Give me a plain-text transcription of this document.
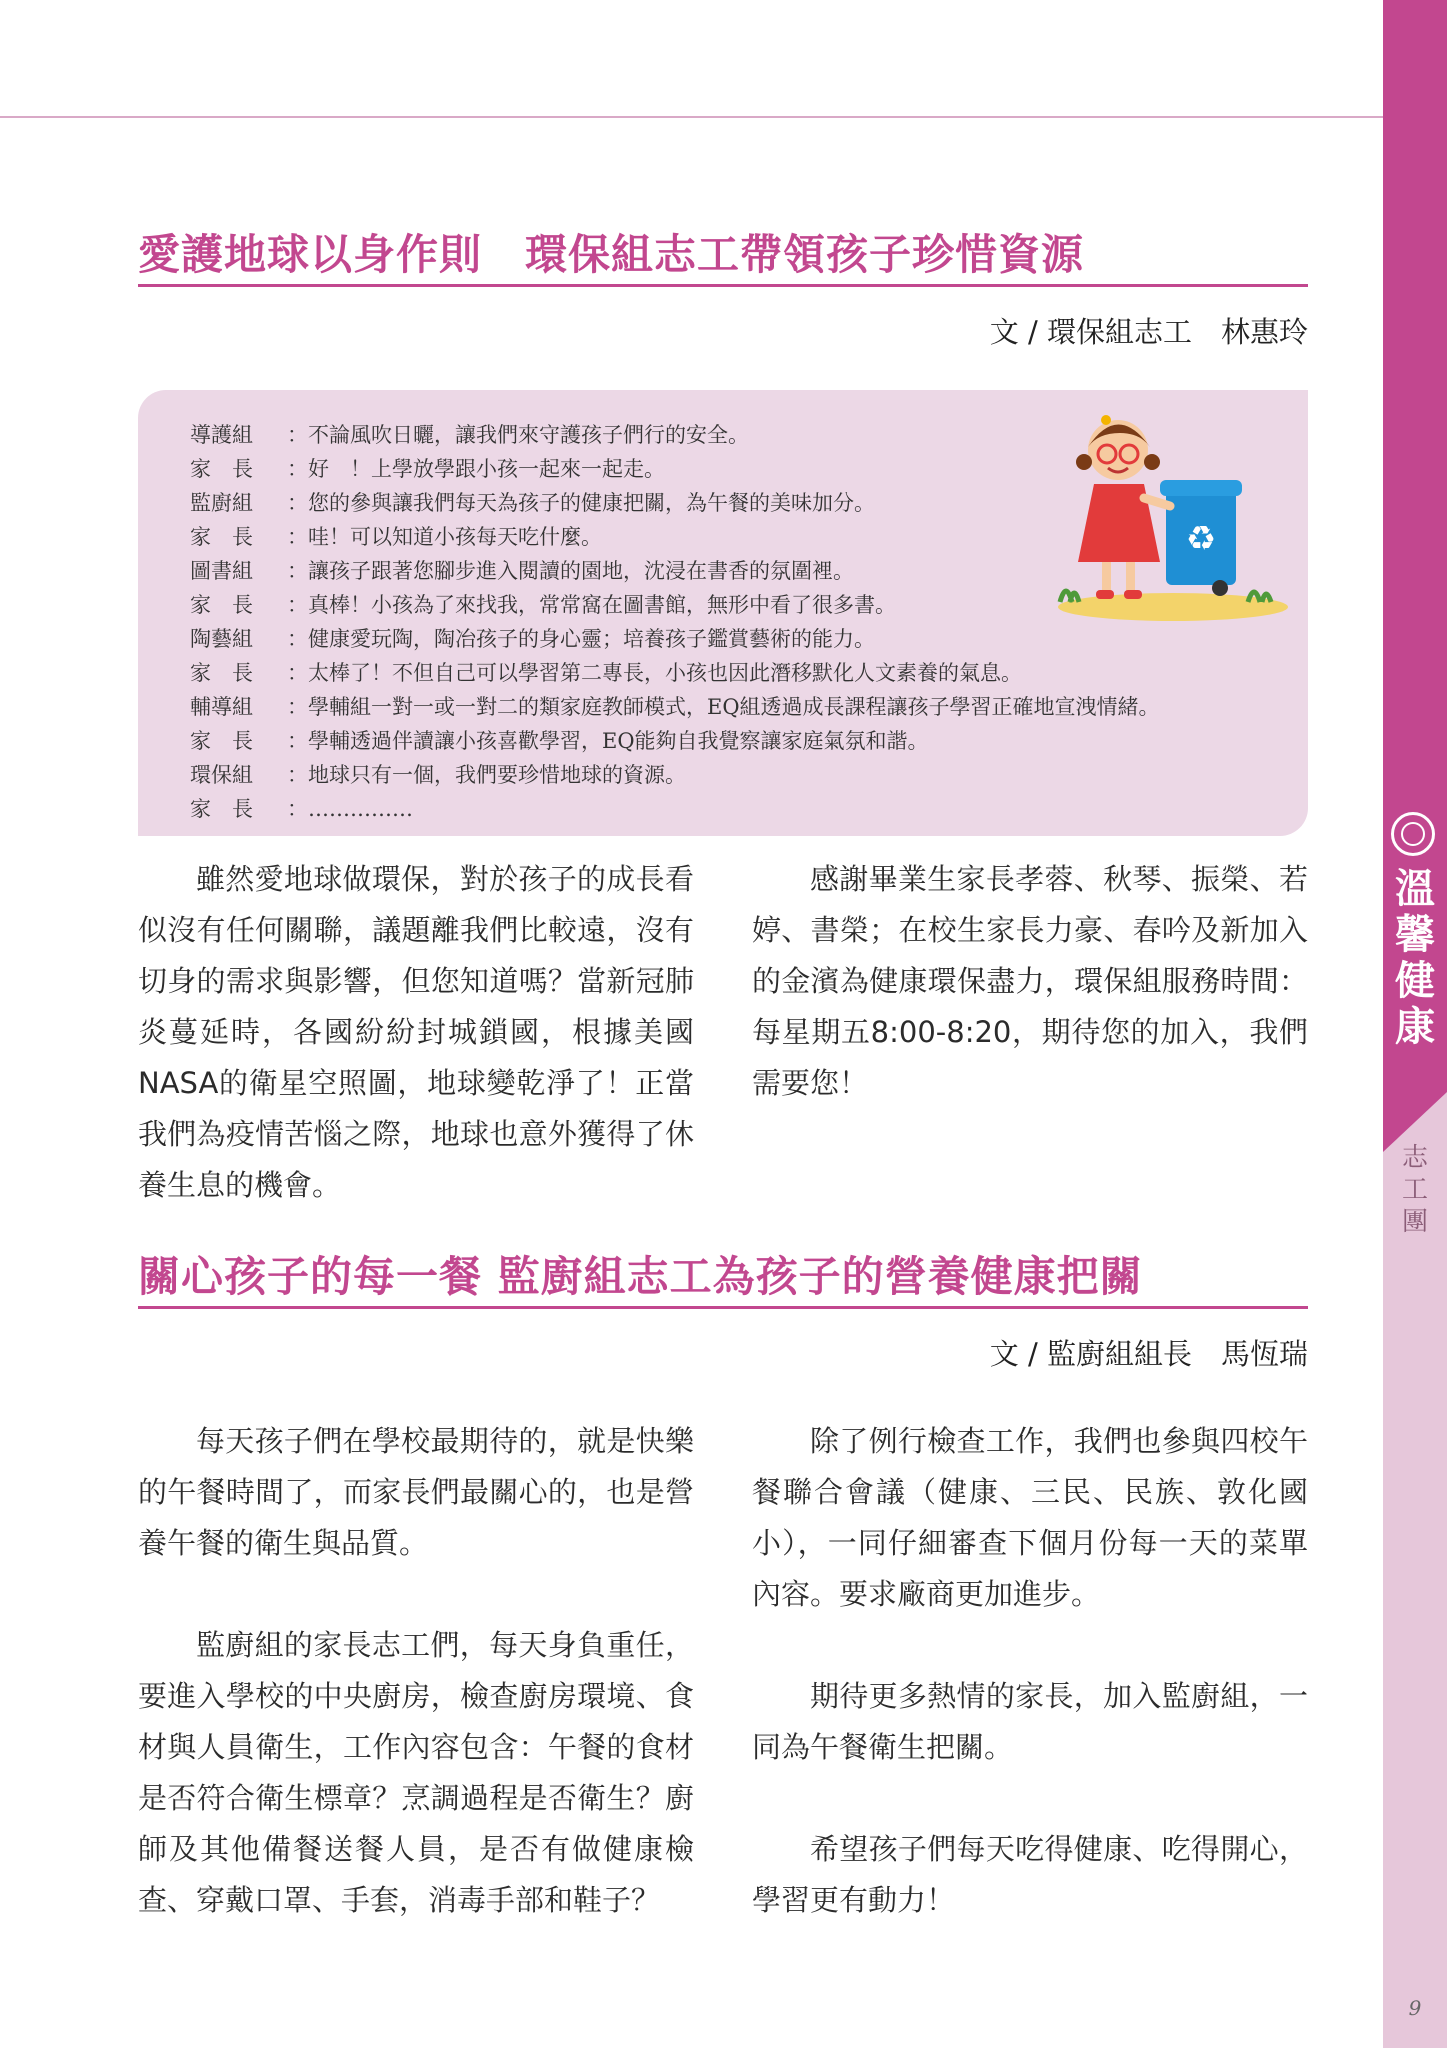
溫
馨
健
康
志
工
團
9
愛護地球以身作則　環保組志工帶領孩子珍惜資源
文 / 環保組志工　林惠玲
導護組	： 不論風吹日曬，讓我們來守護孩子們行的安全。
家　長	： 好　！上學放學跟小孩一起來一起走。
監廚組	： 您的參與讓我們每天為孩子的健康把關，為午餐的美味加分。
家　長	： 哇！可以知道小孩每天吃什麼。
圖書組	： 讓孩子跟著您腳步進入閱讀的園地，沈浸在書香的氛圍裡。
家　長	： 真棒！小孩為了來找我，常常窩在圖書館，無形中看了很多書。
陶藝組	： 健康愛玩陶，陶冶孩子的身心靈；培養孩子鑑賞藝術的能力。
家　長	： 太棒了！不但自己可以學習第二專長，小孩也因此潛移默化人文素養的氣息。
輔導組	： 學輔組一對一或一對二的類家庭教師模式，EQ組透過成長課程讓孩子學習正確地宣洩情緒。
家　長	： 學輔透過伴讀讓小孩喜歡學習，EQ能夠自我覺察讓家庭氣氛和諧。
環保組	： 地球只有一個，我們要珍惜地球的資源。
家　長	： ……………
♻

雖然愛地球做環保，對於孩子的成長看似沒有任何關聯，議題離我們比較遠，沒有切身的需求與影響，但您知道嗎？當新冠肺炎蔓延時，各國紛紛封城鎖國，根據美國NASA的衛星空照圖，地球變乾淨了！正當我們為疫情苦惱之際，地球也意外獲得了休養生息的機會。

感謝畢業生家長孝蓉、秋琴、振榮、若婷、書榮；在校生家長力豪、春吟及新加入的金濱為健康環保盡力，環保組服務時間：每星期五8:00-8:20，期待您的加入，我們需要您！

關心孩子的每一餐 監廚組志工為孩子的營養健康把關
文 / 監廚組組長　馬恆瑞

每天孩子們在學校最期待的，就是快樂的午餐時間了，而家長們最關心的，也是營養午餐的衛生與品質。

監廚組的家長志工們，每天身負重任，要進入學校的中央廚房，檢查廚房環境、食材與人員衛生，工作內容包含：午餐的食材是否符合衛生標章？烹調過程是否衛生？廚師及其他備餐送餐人員，是否有做健康檢查、穿戴口罩、手套，消毒手部和鞋子？

除了例行檢查工作，我們也參與四校午餐聯合會議（健康、三民、民族、敦化國小），一同仔細審查下個月份每一天的菜單內容。要求廠商更加進步。

期待更多熱情的家長，加入監廚組，一同為午餐衛生把關。

希望孩子們每天吃得健康、吃得開心，學習更有動力！
